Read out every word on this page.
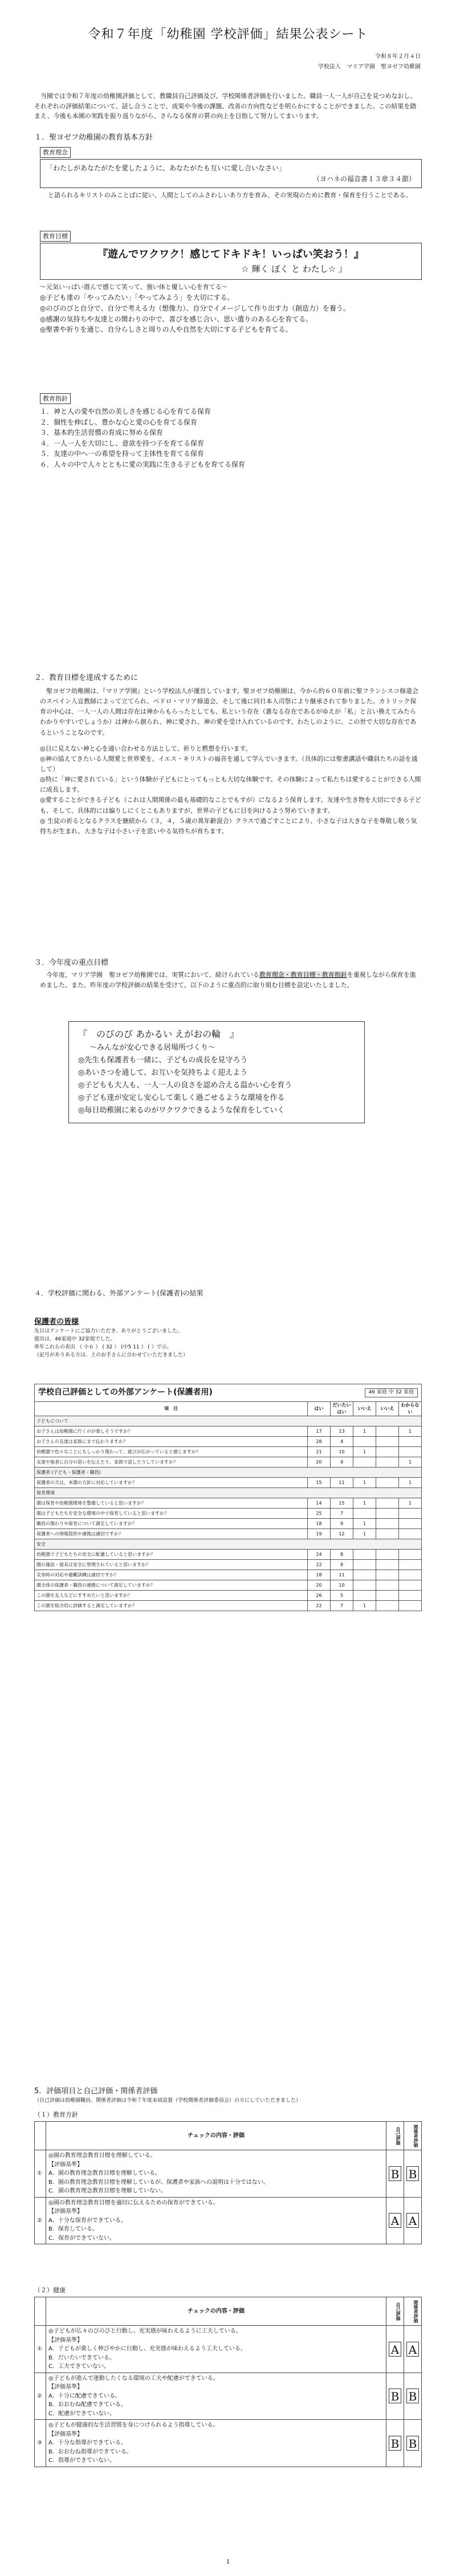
令和７年度「幼稚園 学校評価」結果公表シート
令和８年２月４日
学校法人　マリア学園　聖ヨゼフ幼稚園
当園では令和７年度の幼稚園評価として、教職員自己評価及び、学校関係者評価を行いました。職員一人一人が自己を見つめなおし、それぞれの評価結果について、話し合うことで、成果や今後の課題、改善の方向性などを明らかにすることができました。この結果を踏まえ、今後も本園の実践を振り返りながら、さらなる保育の質の向上を目指して努力してまいります。
１．聖ヨゼフ幼稚園の教育基本方針
教育理念
「わたしがあなたがたを愛したように、あなたがたも互いに愛し合いなさい」
（ヨハネの福音書１３章３４節）
と語られるキリストのみことばに従い、人間としてのふさわしいあり方を育み、その実現のために教育・保育を行うことである。
教育目標
『遊んでワクワク！感じてドキドキ！いっぱい笑おう！』
☆ 輝く ぼく と わたし☆ 』
～元気いっぱい遊んで感じて笑って、強い体と優しい心を育てる～
◎子ども達の「やってみたい」「やってみよう」を大切にする。
◎のびのびと自分で、自分で考える力（想像力）、自分でイメージして作り出す力（創造力）を養う。
◎感謝の気持ちや友達との関わりの中で、喜びを感じ合い、思い遣りのある心を育てる。
◎聖書や祈りを通じ、自分らしさと周りの人や自然を大切にする子どもを育てる。
教育指針
１．神と人の愛や自然の美しさを感じる心を育てる保育
２．個性を伸ばし、豊かな心と愛の心を育てる保育
３．基本的生活習慣の育成に努める保育
４．一人一人を大切にし、意欲を持つ子を育てる保育
５．友達の中へ一の希望を持って主体性を育てる保育
６．人々の中で人々とともに愛の実践に生きる子どもを育てる保育
２．教育目標を達成するために
聖ヨゼフ幼稚園は、『マリア学園』という学校法人が運営しています。聖ヨゼフ幼稚園は、今から約６０年前に聖フランシスコ修道会のスペイン人宣教師によって立てられ、ペドロ・マリア修道会、そして後に同日本人司祭により継承されて参りました。カトリック保育の中心は、一人一人の人間は存在は神からもらったとしても、私という存在（誰なる存在であるがゆえが「私」と言い換えてみたらわかりやすいでしょうか）は神から創られ、神に愛され、神の愛を受け入れているのです。わたしのように、この世で大切な存在であるということなのです。
◎目に見えない神と心を通い合わせる方法として、祈りと黙想を行います。
◎神の協えてきたいる人間愛と世界愛を、イエス・キリストの福音を通して学んでいきます。（具体的には聖書講話や職員たちの話を通して）
◎特に「神に愛されている」という体験が子どもにとってもっとも大切な体験です。その体験によって私たちは愛することができる人間に成長します。
◎愛することができる子ども（これは人間関係の最も基礎的なことでもすが）になるよう保育します。友達や生き物を大切にできる子ども、そして、具体的には偏りしにくとこもありますが、世界の子どもに目を向けるよう努めていきます。
◎ 生徒の祈るとなるクラスを継続から（３，４，５歳の異年齢混合）クラスで過ごすことにより、小さな子は大きな子を尊敬し敬う気持ちが生まれ、大きな子は小さい子を思いやる気持ちが育ちます。
３．今年度の重点目標
今年度、マリア学園　聖ヨゼフ幼稚園では、実質において、続けられている教育理念・教育目標・教育指針を重視しながら保育を進めました。また、昨年度の学校評価の結果を受けて、以下のように重点的に取り組む目標を設定いたしました。
『　のびのび あかるい えがおの輪　』
～みんなが安心できる居場所づくり～
◎先生も保護者も一緒に、子どもの成長を見守ろう
◎あいさつを通して、お互いを気持ちよく迎えよう
◎子どもも大人も、一人一人の良さを認め合える温かい心を育う
◎子ども達が安定し安心して楽しく過ごせるような環境を作る
◎毎日幼稚園に来るのがワクワクできるような保育をしていく
４．学校評価に関わる、外部アンケート(保護者)の結果
保護者の皆様
先日はアンケートにご協力いただき、ありがとうございました。
提出は、46家庭中 32家庭でした。
単年これらの表出 （ 小６ ） ( 32 ） (中5 11 ） ( ）で示。
（記号がありある方は、上のお手さんに合わせていただきました）
学校自己評価としての外部アンケート(保護者用)	46 家庭 中 32 家庭
項　目	はい	だいたいはい	いいえ	いいえ	わからない
子どもについて					
お子さんは幼稚園に行くのが楽しそうですか？	17	13	1		1
お子さんの友達は家族にまで伝わりますか？	28	4			
幼稚園で色々なことにもしっかり関わって、遊びが広がっていると感じますか？	21	10	1		
友達や他者に自分の思いを伝えたり、家族で話したりしていますか？	20	9			1
保護者 (子ども・保護者・職員)					
保護者の方は、本園の方針に対応していますか？	15	11	1		1
保育環境					
園は保育や幼稚園環境を整備していると思いますか？	14	15	1		1
園は子どもたちを安全な環境の中で保育していると思いますか？	25	7			
職員の関わりや保育について満足していますか？	18	9	1		
保護者への情報提供や連携は適切ですか？	19	12	1		
安全					
幼稚園で子どもたちの安全に配慮していると思いますか？	24	8			
園の施設・遊具は安全に管理されていると思いますか？	22	8			
災害時の対応や避難訓練は適切ですか？	18	11			
園全体の保護者・職員の連携について満足していますか？	20	10			
この園を友人などにすすめたいと思いますか？	26	5			
この園を総合的に評価すると満足していますか？	22	7	1		
5．評価項目と自己評価・関係者評価
（自己評価は幼稚園職員、関係者評価は令和７年度末頃設置（学校関係者評価委員会）の方にしていただきました）
（１）教育方針
	チェックの内容・評価	自己評価	関係者評価
①	◎園の教育理念教育目標を理解している。
【評価基準】
A．園の教育理念教育目標を理解している。
B．園の教育理念教育目標を理解しているが、保護者や家族への説明は十分ではない。
C．園の教育理念教育目標を理解していない。	B	B
②	◎園の教育理念教育目標を適切に伝えるための保育ができている。
【評価基準】
A．十分な保育ができている。
B．保育している。
C．保育ができていない。	A	A
（２）健康
	チェックの内容・評価	自己評価	関係者評価
①	◎子どもが広々のびのびと行動し、充実感が味わえるように工夫している。
【評価基準】
A．子どもが楽しく伸びやかに行動し、充実感が味わえるよう工夫している。
B．だいたいできている。
C．工夫できていない。	A	A
②	◎子どもが進んで運動したくなる環境の工夫や配慮ができている。
【評価基準】
A．十分に配慮できている。
B．おおむね配慮できている。
C．配慮ができていない。	B	B
③	◎子どもが健康的な生活習慣を身につけられるよう指導している。
【評価基準】
A．十分な指導ができている。
B．おおむね指導ができている。
C．指導ができていない。	B	B
1
